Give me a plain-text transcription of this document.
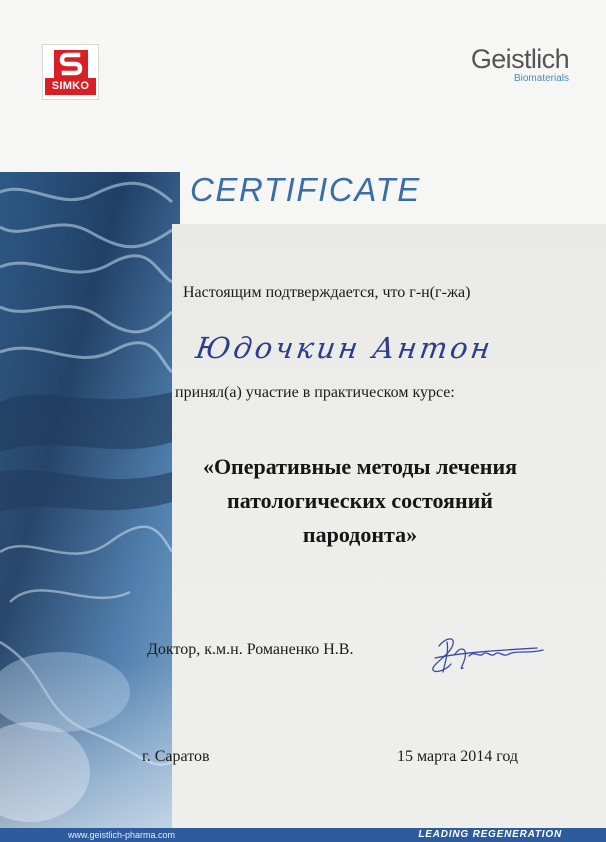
SIMKO
Geistlich
Biomaterials
CERTIFICATE
Настоящим подтверждается, что г-н(г-жа)
Юдочкин Антон
принял(а) участие в практическом курсе:
«Оперативные методы лечения
патологических состояний
пародонта»
Доктор, к.м.н. Романенко Н.В.
г. Саратов	15 марта 2014 год
www.geistlich-pharma.com	LEADING REGENERATION
